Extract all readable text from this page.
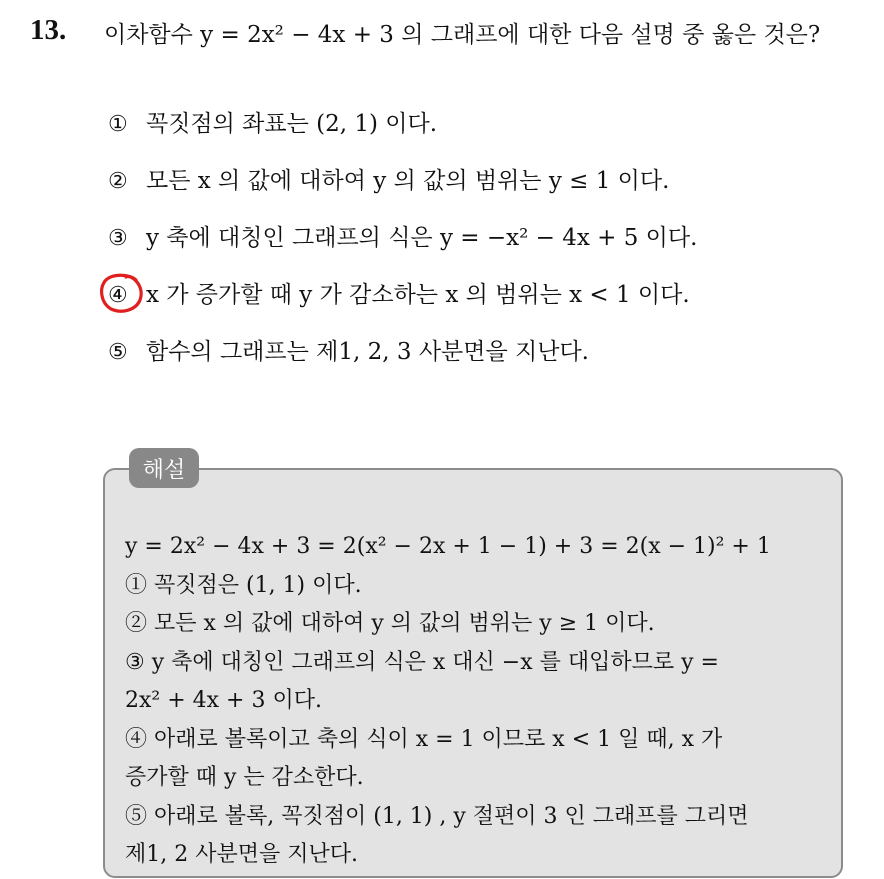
13. 이차함수 y = 2x² − 4x + 3 의 그래프에 대한 다음 설명 중 옳은 것은?
① 꼭짓점의 좌표는 (2, 1) 이다.
② 모든 x 의 값에 대하여 y 의 값의 범위는 y ≤ 1 이다.
③ y 축에 대칭인 그래프의 식은 y = −x² − 4x + 5 이다.
④ x 가 증가할 때 y 가 감소하는 x 의 범위는 x < 1 이다.
⑤ 함수의 그래프는 제1, 2, 3 사분면을 지난다.
y = 2x² − 4x + 3 = 2(x² − 2x + 1 − 1) + 3 = 2(x − 1)² + 1
① 꼭짓점은 (1, 1) 이다.
② 모든 x 의 값에 대하여 y 의 값의 범위는 y ≥ 1 이다.
③ y 축에 대칭인 그래프의 식은 x 대신 −x 를 대입하므로 y =
2x² + 4x + 3 이다.
④ 아래로 볼록이고 축의 식이 x = 1 이므로 x < 1 일 때, x 가
증가할 때 y 는 감소한다.
⑤ 아래로 볼록, 꼭짓점이 (1, 1) , y 절편이 3 인 그래프를 그리면
제1, 2 사분면을 지난다.
해설
